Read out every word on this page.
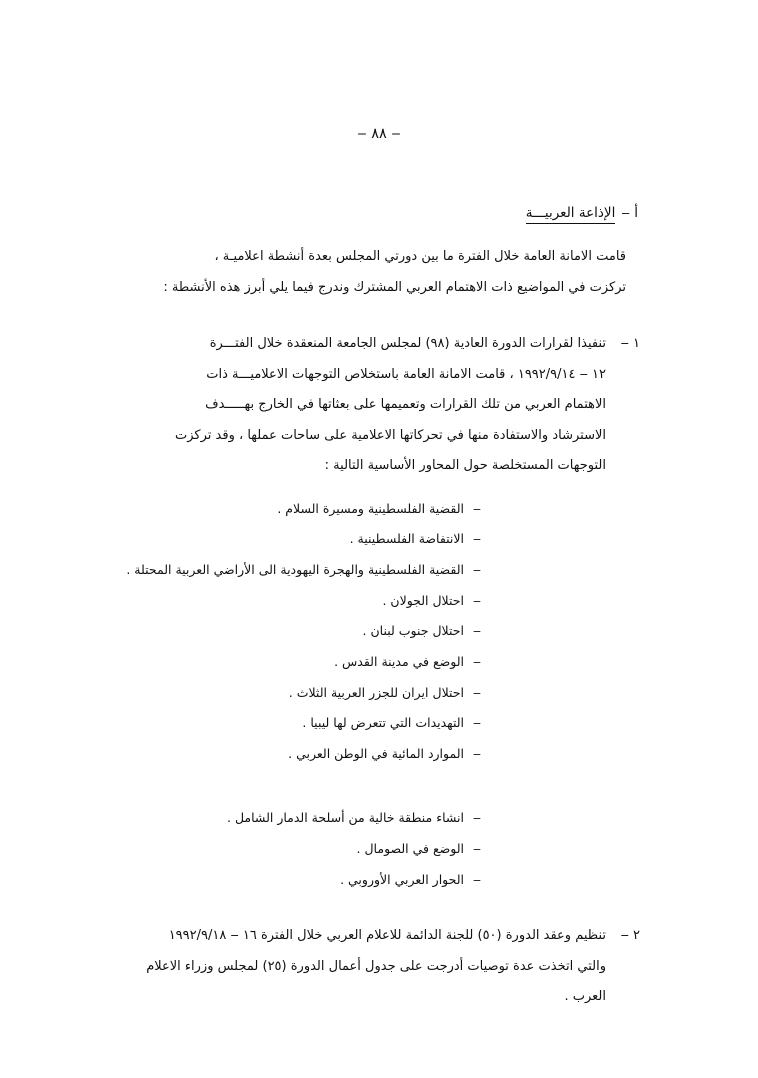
‒ ٨٨ ‒
أ ‒الإذاعة العربيـــة
قامت الامانة العامة خلال الفترة ما بين دورتي المجلس بعدة أنشطة اعلاميـة ،
تركزت في المواضيع ذات الاهتمام العربي المشترك وندرج فيما يلي أبرز هذه الأنشطة :
١ ‒
تنفيذا لقرارات الدورة العادية (٩٨) لمجلس الجامعة المنعقدة خلال الفتـــرة
١٢ ‒ ١٩٩٢/٩/١٤ ، قامت الامانة العامة باستخلاص التوجهات الاعلاميـــة ذات
الاهتمام العربي من تلك القرارات وتعميمها على بعثاتها في الخارج بهـــــدف
الاسترشاد والاستفادة منها في تحركاتها الاعلامية على ساحات عملها ، وقد تركزت
التوجهات المستخلصة حول المحاور الأساسية التالية :
‒
القضية الفلسطينية ومسيرة السلام .
‒
الانتفاضة الفلسطينية .
‒
القضية الفلسطينية والهجرة اليهودية الى الأراضي العربية المحتلة .
‒
احتلال الجولان .
‒
احتلال جنوب لبنان .
‒
الوضع في مدينة القدس .
‒
احتلال ايران للجزر العربية الثلاث .
‒
التهديدات التي تتعرض لها ليبيا .
‒
الموارد المائية في الوطن العربي .
‒
انشاء منطقة خالية من أسلحة الدمار الشامل .
‒
الوضع في الصومال .
‒
الحوار العربي الأوروبي .
٢ ‒
تنظيم وعقد الدورة (٥٠) للجنة الدائمة للاعلام العربي خلال الفترة ١٦ ‒ ١٩٩٢/٩/١٨
والتي اتخذت عدة توصيات أدرجت على جدول أعمال الدورة (٢٥) لمجلس وزراء الاعلام
العرب .
